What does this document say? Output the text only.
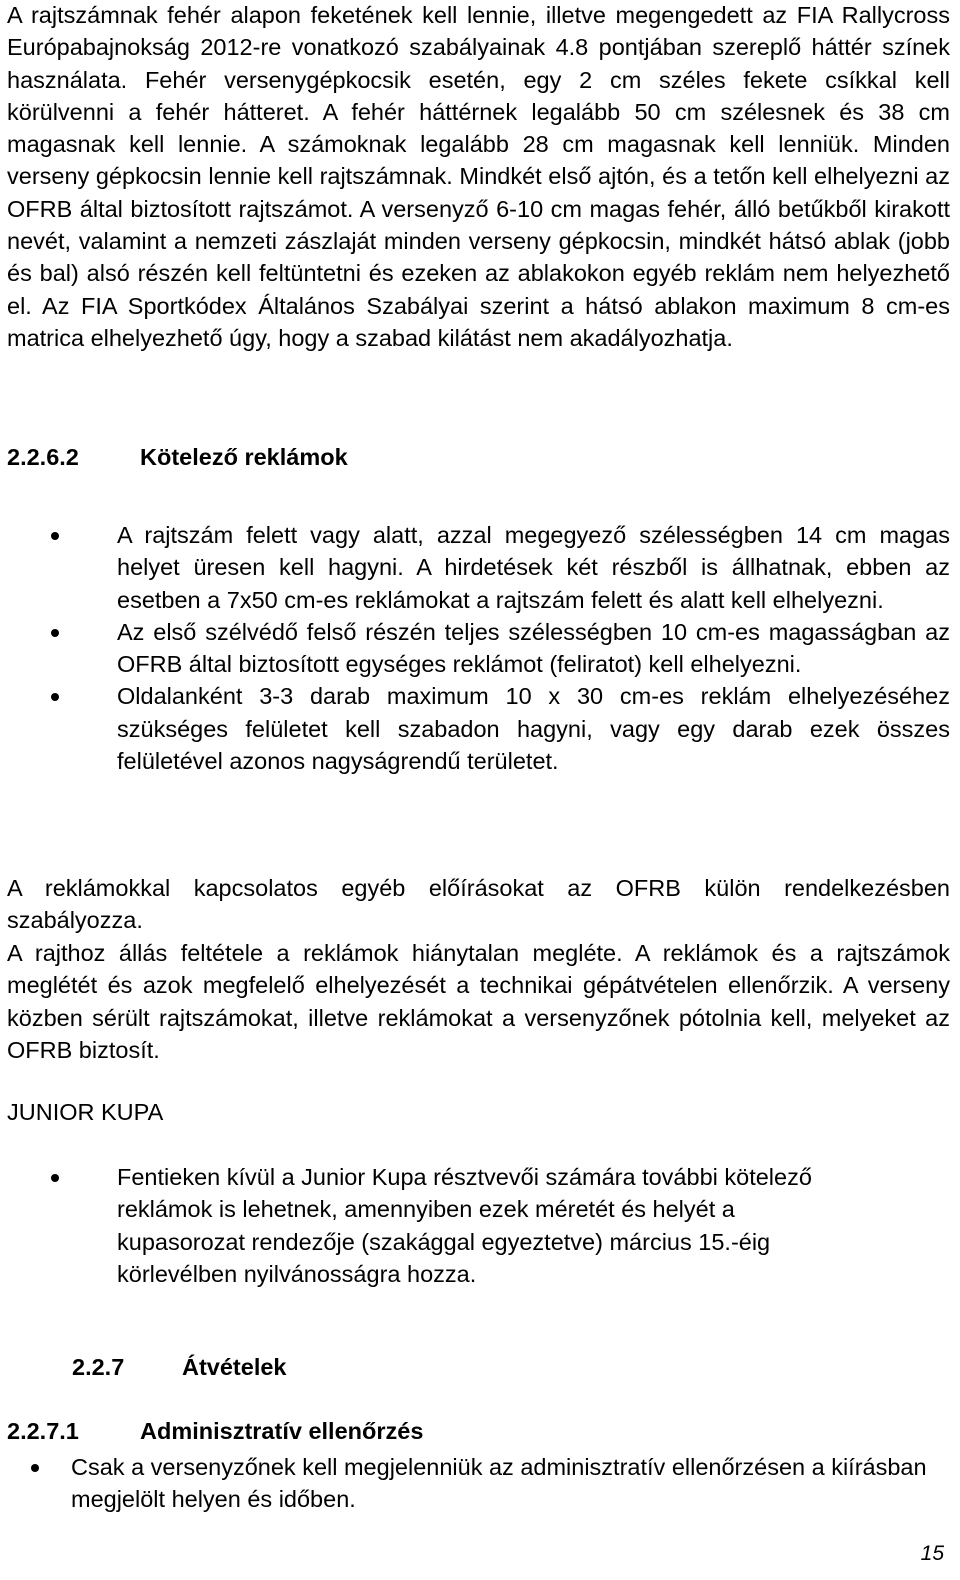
A rajtszámnak fehér alapon feketének kell lennie, illetve megengedett az FIA Rallycross Európabajnokság 2012-re vonatkozó szabályainak 4.8 pontjában szereplő háttér színek használata. Fehér versenygépkocsik esetén, egy 2 cm széles fekete csíkkal kell körülvenni a fehér hátteret. A fehér háttérnek legalább 50 cm szélesnek és 38 cm magasnak kell lennie. A számoknak legalább 28 cm magasnak kell lenniük. Minden verseny gépkocsin lennie kell rajtszámnak. Mindkét első ajtón, és a tetőn kell elhelyezni az OFRB által biztosított rajtszámot. A versenyző 6-10 cm magas fehér, álló betűkből kirakott nevét, valamint a nemzeti zászlaját minden verseny gépkocsin, mindkét hátsó ablak (jobb és bal) alsó részén kell feltüntetni és ezeken az ablakokon egyéb reklám nem helyezhető el. Az FIA Sportkódex Általános Szabályai szerint a hátsó ablakon maximum 8 cm-es matrica elhelyezhető úgy, hogy a szabad kilátást nem akadályozhatja.

2.2.6.2	Kötelező reklámok
A rajtszám felett vagy alatt, azzal megegyező szélességben 14 cm magas helyet üresen kell hagyni. A hirdetések két részből is állhatnak, ebben az esetben a 7x50 cm-es reklámokat a rajtszám felett és alatt kell elhelyezni.
Az első szélvédő felső részén teljes szélességben 10 cm-es magasságban az OFRB által biztosított egységes reklámot (feliratot) kell elhelyezni.
Oldalanként 3-3 darab maximum 10 x 30 cm-es reklám elhelyezéséhez szükséges felületet kell szabadon hagyni, vagy egy darab ezek összes felületével azonos nagyságrendű területet.

A reklámokkal kapcsolatos egyéb előírásokat az OFRB külön rendelkezésben szabályozza.

A rajthoz állás feltétele a reklámok hiánytalan megléte. A reklámok és a rajtszámok meglétét és azok megfelelő elhelyezését a technikai gépátvételen ellenőrzik. A verseny közben sérült rajtszámokat, illetve reklámokat a versenyzőnek pótolnia kell, melyeket az OFRB biztosít.

JUNIOR KUPA
Fentieken kívül a Junior Kupa résztvevői számára további kötelező reklámok is lehetnek, amennyiben ezek méretét és helyét a kupasorozat rendezője (szakággal egyeztetve) március 15.-éig körlevélben nyilvánosságra hozza.
2.2.7 Átvételek
2.2.7.1	Adminisztratív ellenőrzés
Csak a versenyzőnek kell megjelenniük az adminisztratív ellenőrzésen a kiírásban megjelölt helyen és időben.
15
